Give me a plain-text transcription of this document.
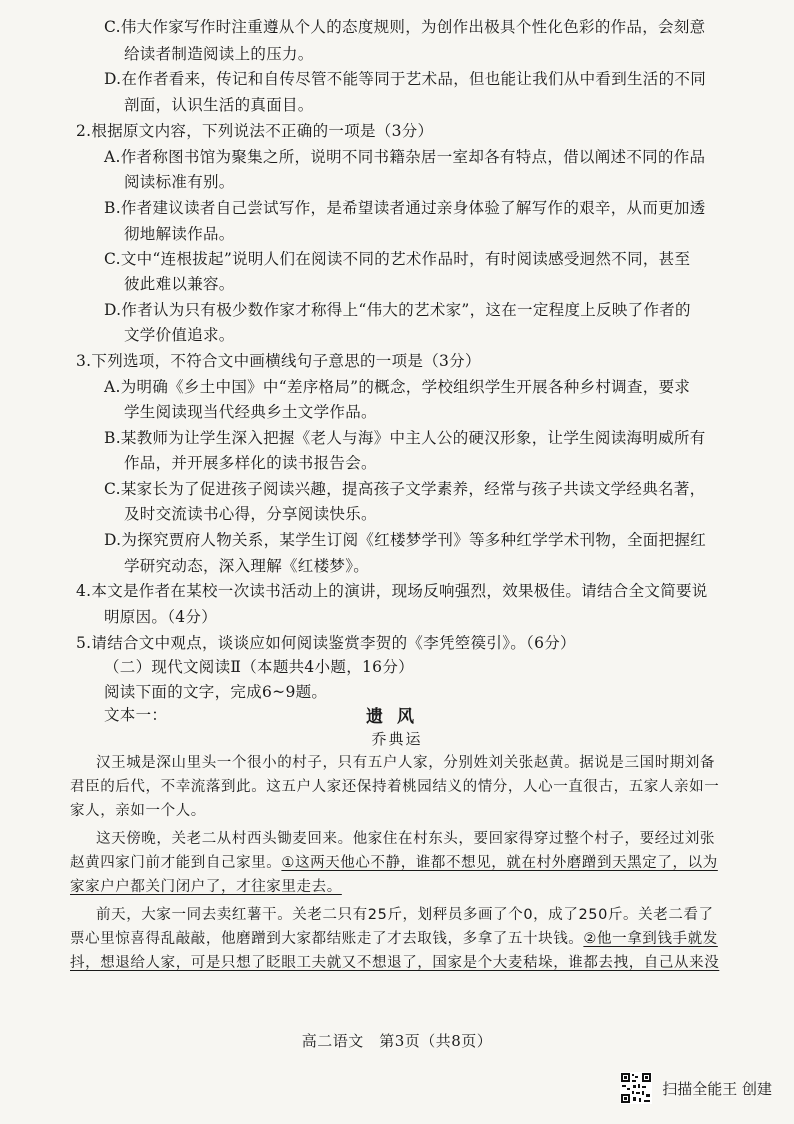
C.伟大作家写作时注重遵从个人的态度规则，为创作出极具个性化色彩的作品，会刻意
给读者制造阅读上的压力。
D.在作者看来，传记和自传尽管不能等同于艺术品，但也能让我们从中看到生活的不同
剖面，认识生活的真面目。
2.根据原文内容，下列说法不正确的一项是（3分）
A.作者称图书馆为聚集之所，说明不同书籍杂居一室却各有特点，借以阐述不同的作品
阅读标准有别。
B.作者建议读者自己尝试写作，是希望读者通过亲身体验了解写作的艰辛，从而更加透
彻地解读作品。
C.文中“连根拔起”说明人们在阅读不同的艺术作品时，有时阅读感受迥然不同，甚至
彼此难以兼容。
D.作者认为只有极少数作家才称得上“伟大的艺术家”，这在一定程度上反映了作者的
文学价值追求。
3.下列选项，不符合文中画横线句子意思的一项是（3分）
A.为明确《乡土中国》中“差序格局”的概念，学校组织学生开展各种乡村调查，要求
学生阅读现当代经典乡土文学作品。
B.某教师为让学生深入把握《老人与海》中主人公的硬汉形象，让学生阅读海明威所有
作品，并开展多样化的读书报告会。
C.某家长为了促进孩子阅读兴趣，提高孩子文学素养，经常与孩子共读文学经典名著，
及时交流读书心得，分享阅读快乐。
D.为探究贾府人物关系，某学生订阅《红楼梦学刊》等多种红学学术刊物，全面把握红
学研究动态，深入理解《红楼梦》。
4.本文是作者在某校一次读书活动上的演讲，现场反响强烈，效果极佳。请结合全文简要说
明原因。（4分）
5.请结合文中观点，谈谈应如何阅读鉴赏李贺的《李凭箜篌引》。（6分）
（二）现代文阅读Ⅱ（本题共4小题，16分）
阅读下面的文字，完成6~9题。
文本一：	遗风
乔典运
汉王城是深山里头一个很小的村子，只有五户人家，分别姓刘关张赵黄。据说是三国时期刘备
君臣的后代，不幸流落到此。这五户人家还保持着桃园结义的情分，人心一直很古，五家人亲如一
家人，亲如一个人。
这天傍晚，关老二从村西头锄麦回来。他家住在村东头，要回家得穿过整个村子，要经过刘张
赵黄四家门前才能到自己家里。①这两天他心不静，谁都不想见，就在村外磨蹭到天黑定了，以为
家家户户都关门闭户了，才往家里走去。
前天，大家一同去卖红薯干。关老二只有25斤，划秤员多画了个0，成了250斤。关老二看了
票心里惊喜得乱敲敲，他磨蹭到大家都结账走了才去取钱，多拿了五十块钱。②他一拿到钱手就发
抖，想退给人家，可是只想了眨眼工夫就又不想退了，国家是个大麦秸垛，谁都去拽，自己从来没
高二语文　第3页（共8页）
扫描全能王 创建
